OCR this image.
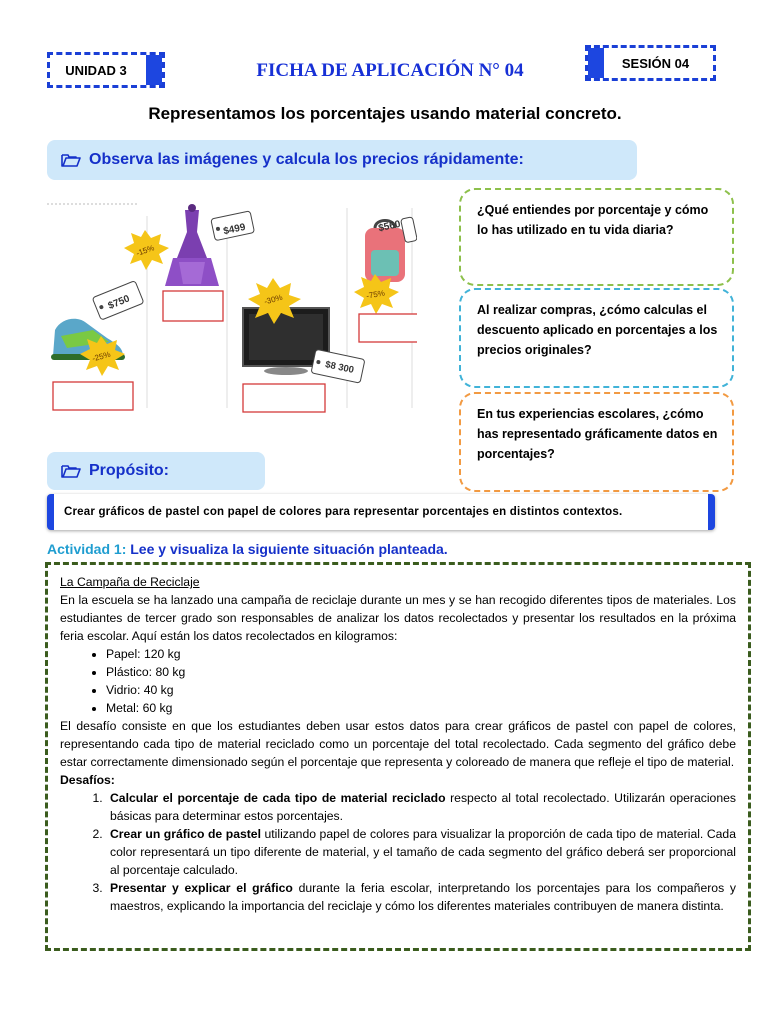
UNIDAD 3	FICHA DE APLICACIÓN N° 04	SESIÓN 04
Representamos los porcentajes usando material concreto.
Observa las imágenes y calcula los precios rápidamente:
-15%
$499
-25%
$750	-30%
$8 300
-75%
$560
¿Qué entiendes por porcentaje y cómo lo has utilizado en tu vida diaria?
Al realizar compras, ¿cómo calculas el descuento aplicado en porcentajes a los precios originales?
En tus experiencias escolares, ¿cómo has representado gráficamente datos en porcentajes?
Propósito:
Crear gráficos de pastel con papel de colores para representar porcentajes en distintos contextos.
Actividad 1: Lee y visualiza la siguiente situación planteada.
La Campaña de Reciclaje

En la escuela se ha lanzado una campaña de reciclaje durante un mes y se han recogido diferentes tipos de materiales. Los estudiantes de tercer grado son responsables de analizar los datos recolectados y presentar los resultados en la próxima feria escolar. Aquí están los datos recolectados en kilogramos:

• Papel: 120 kg
• Plástico: 80 kg
• Vidrio: 40 kg
• Metal: 60 kg

El desafío consiste en que los estudiantes deben usar estos datos para crear gráficos de pastel con papel de colores, representando cada tipo de material reciclado como un porcentaje del total recolectado. Cada segmento del gráfico debe estar correctamente dimensionado según el porcentaje que representa y coloreado de manera que refleje el tipo de material.

Desafíos:
1. Calcular el porcentaje de cada tipo de material reciclado respecto al total recolectado. Utilizarán operaciones básicas para determinar estos porcentajes.
2. Crear un gráfico de pastel utilizando papel de colores para visualizar la proporción de cada tipo de material. Cada color representará un tipo diferente de material, y el tamaño de cada segmento del gráfico deberá ser proporcional al porcentaje calculado.
3. Presentar y explicar el gráfico durante la feria escolar, interpretando los porcentajes para los compañeros y maestros, explicando la importancia del reciclaje y cómo los diferentes materiales contribuyen de manera distinta.
